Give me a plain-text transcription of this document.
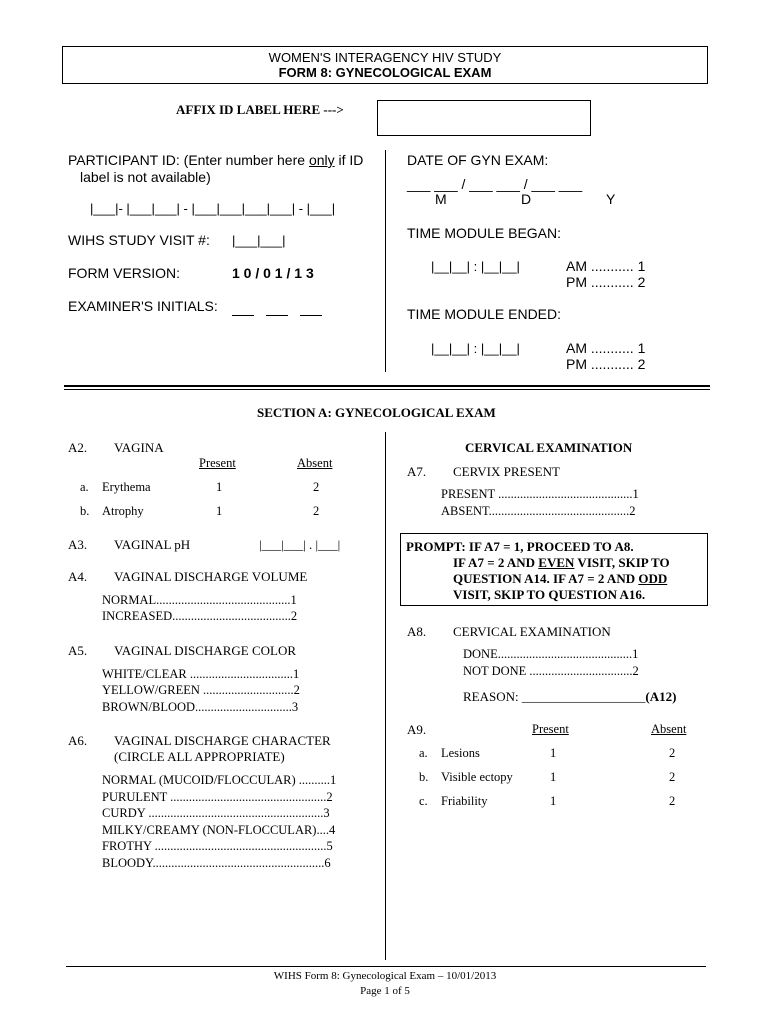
WOMEN'S INTERAGENCY HIV STUDY
FORM 8: GYNECOLOGICAL EXAM
AFFIX ID LABEL HERE --->
PARTICIPANT ID: (Enter number here only if ID
label is not available)
|___|- |___|___| - |___|___|___|___| - |___|
WIHS STUDY VISIT #: |___|___|
FORM VERSION:	1 0 / 0 1 / 1 3
EXAMINER'S INITIALS:
DATE OF GYN EXAM:
___ ___ / ___ ___ / ___ ___
M	D	Y
TIME MODULE BEGAN:
|__|__| : |__|__|	AM ........... 1
PM ........... 2
TIME MODULE ENDED:
|__|__| : |__|__|	AM ........... 1
PM ........... 2
SECTION A: GYNECOLOGICAL EXAM
A2. VAGINA
Present	Absent
a. Erythema	1	2
b. Atrophy	1	2
A3. VAGINAL pH	|___|___| . |___|
A4. VAGINAL DISCHARGE VOLUME
NORMAL...........................................1
INCREASED......................................2
A5. VAGINAL DISCHARGE COLOR
WHITE/CLEAR .................................1
YELLOW/GREEN .............................2
BROWN/BLOOD...............................3
A6. VAGINAL DISCHARGE CHARACTER
(CIRCLE ALL APPROPRIATE)
NORMAL (MUCOID/FLOCCULAR) ..........1
PURULENT ..................................................2
CURDY ........................................................3
MILKY/CREAMY (NON-FLOCCULAR)....4
FROTHY .......................................................5
BLOODY.......................................................6
CERVICAL EXAMINATION
A7. CERVIX PRESENT
PRESENT ...........................................1
ABSENT.............................................2
PROMPT: IF A7 = 1, PROCEED TO A8.
IF A7 = 2 AND EVEN VISIT, SKIP TO
QUESTION A14. IF A7 = 2 AND ODD
VISIT, SKIP TO QUESTION A16.
A8. CERVICAL EXAMINATION
DONE...........................................1
NOT DONE .................................2
REASON: ___________________(A12)
A9.	Present	Absent
a. Lesions	1	2
b. Visible ectopy	1	2
c. Friability	1	2
WIHS Form 8: Gynecological Exam – 10/01/2013
Page 1 of 5
